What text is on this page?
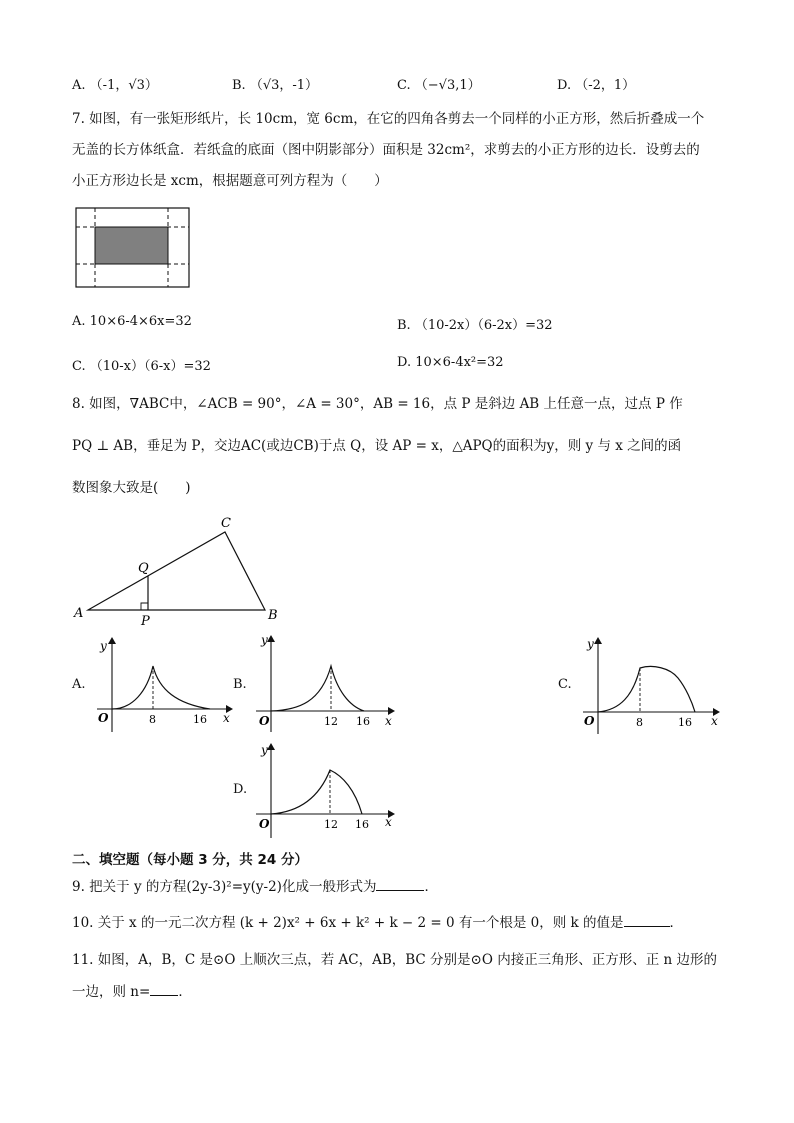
A. （-1，√3）	B. （√3，-1）	C. （−√3,1）	D. （-2，1）
7. 如图，有一张矩形纸片，长 10cm，宽 6cm，在它的四角各剪去一个同样的小正方形，然后折叠成一个
无盖的长方体纸盒．若纸盒的底面（图中阴影部分）面积是 32cm²，求剪去的小正方形的边长．设剪去的
小正方形边长是 xcm，根据题意可列方程为（　　）
A. 10×6-4×6x=32	B. （10-2x）（6-2x）=32
C. （10-x）（6-x）=32	D. 10×6-4x²=32
8. 如图，∇ABC中，∠ACB = 90°，∠A = 30°，AB = 16，点 P 是斜边 AB 上任意一点，过点 P 作
PQ ⊥ AB，垂足为 P，交边AC(或边CB)于点 Q，设 AP = x，△APQ的面积为y，则 y 与 x 之间的函
数图象大致是(　　)
A	B
C
P
Q
A.
O
y
x
8	16
B.
O
y
x
12 16
C.
O
y
x
8	16
D.
O
y
x
12 16
二、填空题（每小题 3 分，共 24 分）
9. 把关于 y 的方程(2y-3)²=y(y-2)化成一般形式为	．
10. 关于 x 的一元二次方程 (k + 2)x² + 6x + k² + k − 2 = 0 有一个根是 0，则 k 的值是	．
11. 如图，A，B，C 是⊙O 上顺次三点，若 AC，AB，BC 分别是⊙O 内接正三角形、正方形、正 n 边形的
一边，则 n= ．
